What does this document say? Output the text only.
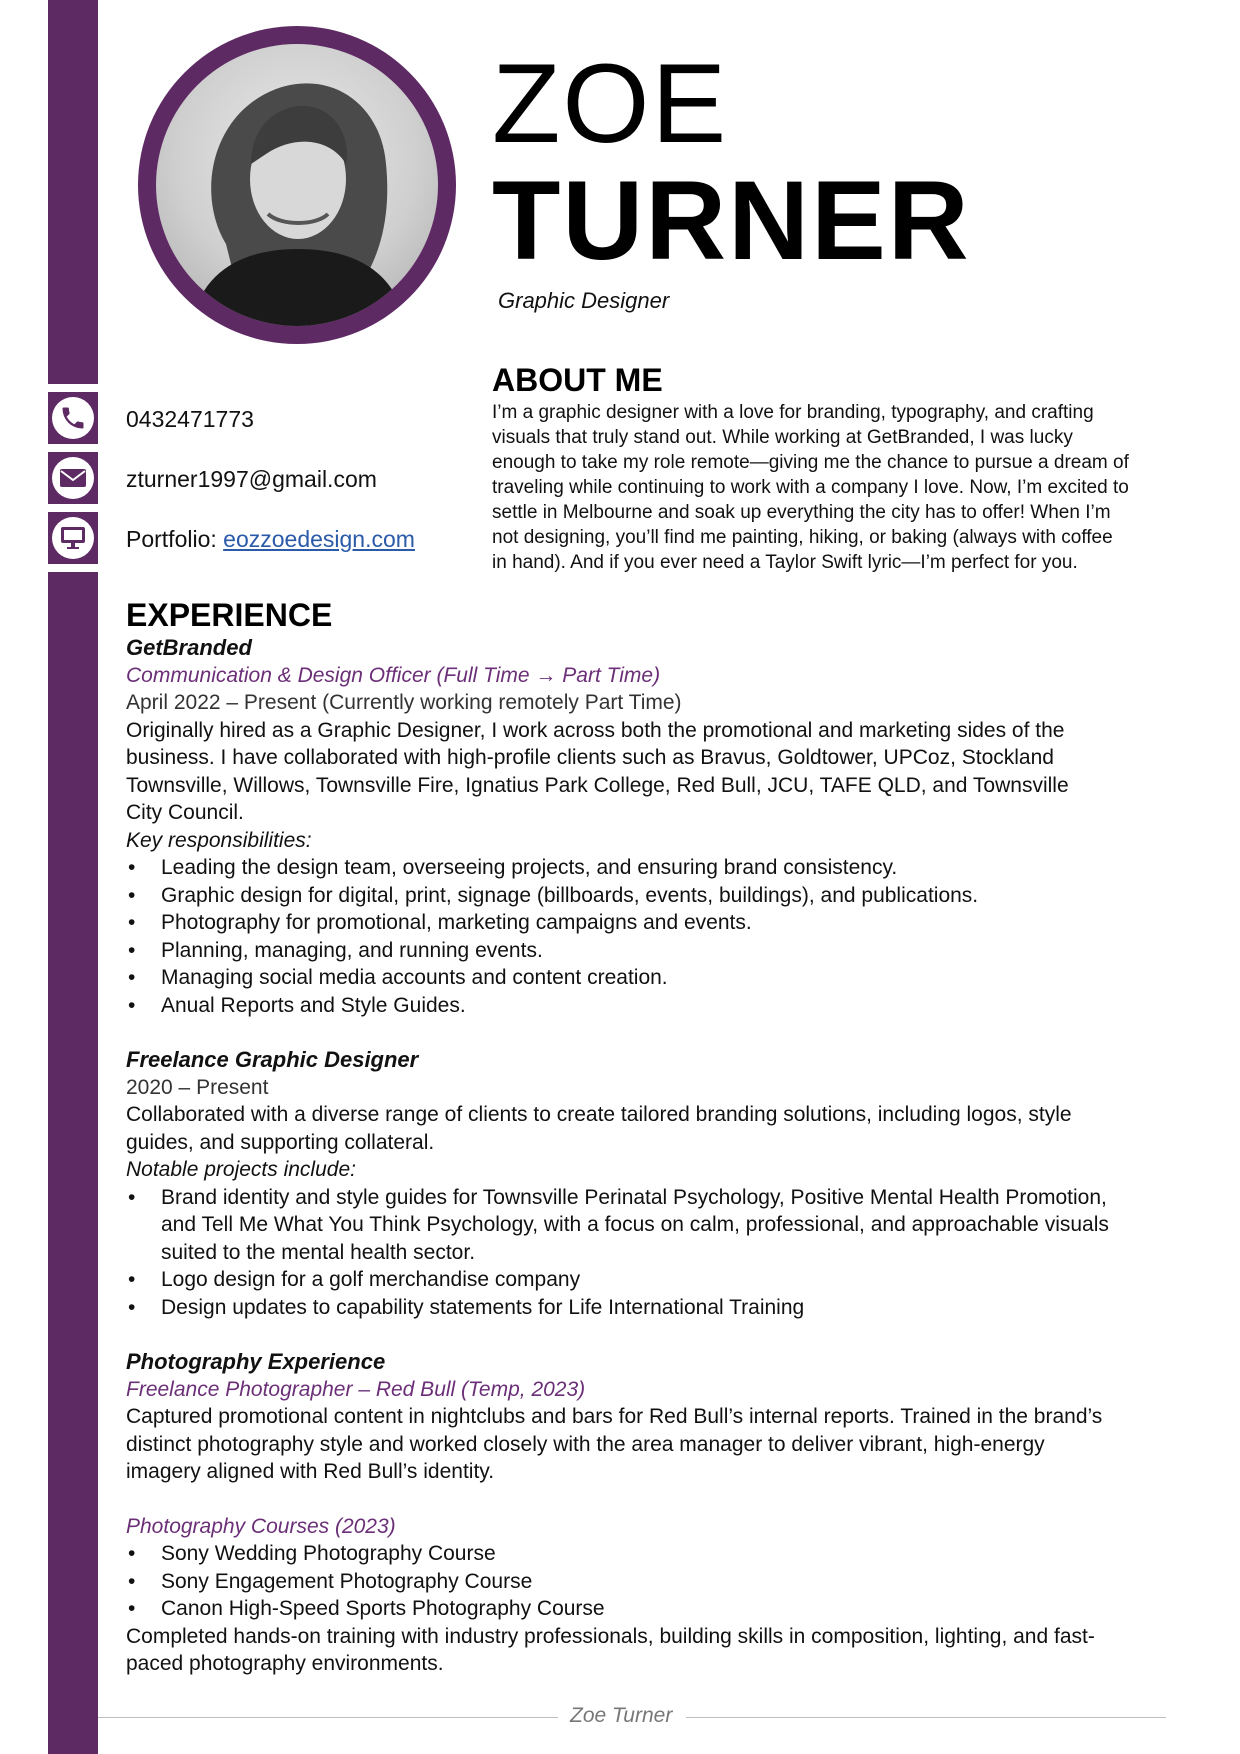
ZOE
TURNER
Graphic Designer
0432471773
zturner1997@gmail.com
Portfolio: eozzoedesign.com
ABOUT ME
I’m a graphic designer with a love for branding, typography, and crafting
visuals that truly stand out. While working at GetBranded, I was lucky
enough to take my role remote—giving me the chance to pursue a dream of
traveling while continuing to work with a company I love. Now, I’m excited to
settle in Melbourne and soak up everything the city has to offer! When I’m
not designing, you’ll find me painting, hiking, or baking (always with coffee
in hand). And if you ever need a Taylor Swift lyric—I’m perfect for you.
EXPERIENCE
GetBranded
Communication & Design Officer (Full Time → Part Time)
April 2022 – Present (Currently working remotely Part Time)
Originally hired as a Graphic Designer, I work across both the promotional and marketing sides of the
business. I have collaborated with high-profile clients such as Bravus, Goldtower, UPCoz, Stockland
Townsville, Willows, Townsville Fire, Ignatius Park College, Red Bull, JCU, TAFE QLD, and Townsville
City Council.
Key responsibilities:
• Leading the design team, overseeing projects, and ensuring brand consistency.
• Graphic design for digital, print, signage (billboards, events, buildings), and publications.
• Photography for promotional, marketing campaigns and events.
• Planning, managing, and running events.
• Managing social media accounts and content creation.
• Anual Reports and Style Guides.
Freelance Graphic Designer
2020 – Present
Collaborated with a diverse range of clients to create tailored branding solutions, including logos, style
guides, and supporting collateral.
Notable projects include:
• Brand identity and style guides for Townsville Perinatal Psychology, Positive Mental Health Promotion,
and Tell Me What You Think Psychology, with a focus on calm, professional, and approachable visuals
suited to the mental health sector.
• Logo design for a golf merchandise company
• Design updates to capability statements for Life International Training
Photography Experience
Freelance Photographer – Red Bull (Temp, 2023)
Captured promotional content in nightclubs and bars for Red Bull’s internal reports. Trained in the brand’s
distinct photography style and worked closely with the area manager to deliver vibrant, high-energy
imagery aligned with Red Bull’s identity.
Photography Courses (2023)
• Sony Wedding Photography Course
• Sony Engagement Photography Course
• Canon High-Speed Sports Photography Course
Completed hands-on training with industry professionals, building skills in composition, lighting, and fast-
paced photography environments.
Zoe Turner
